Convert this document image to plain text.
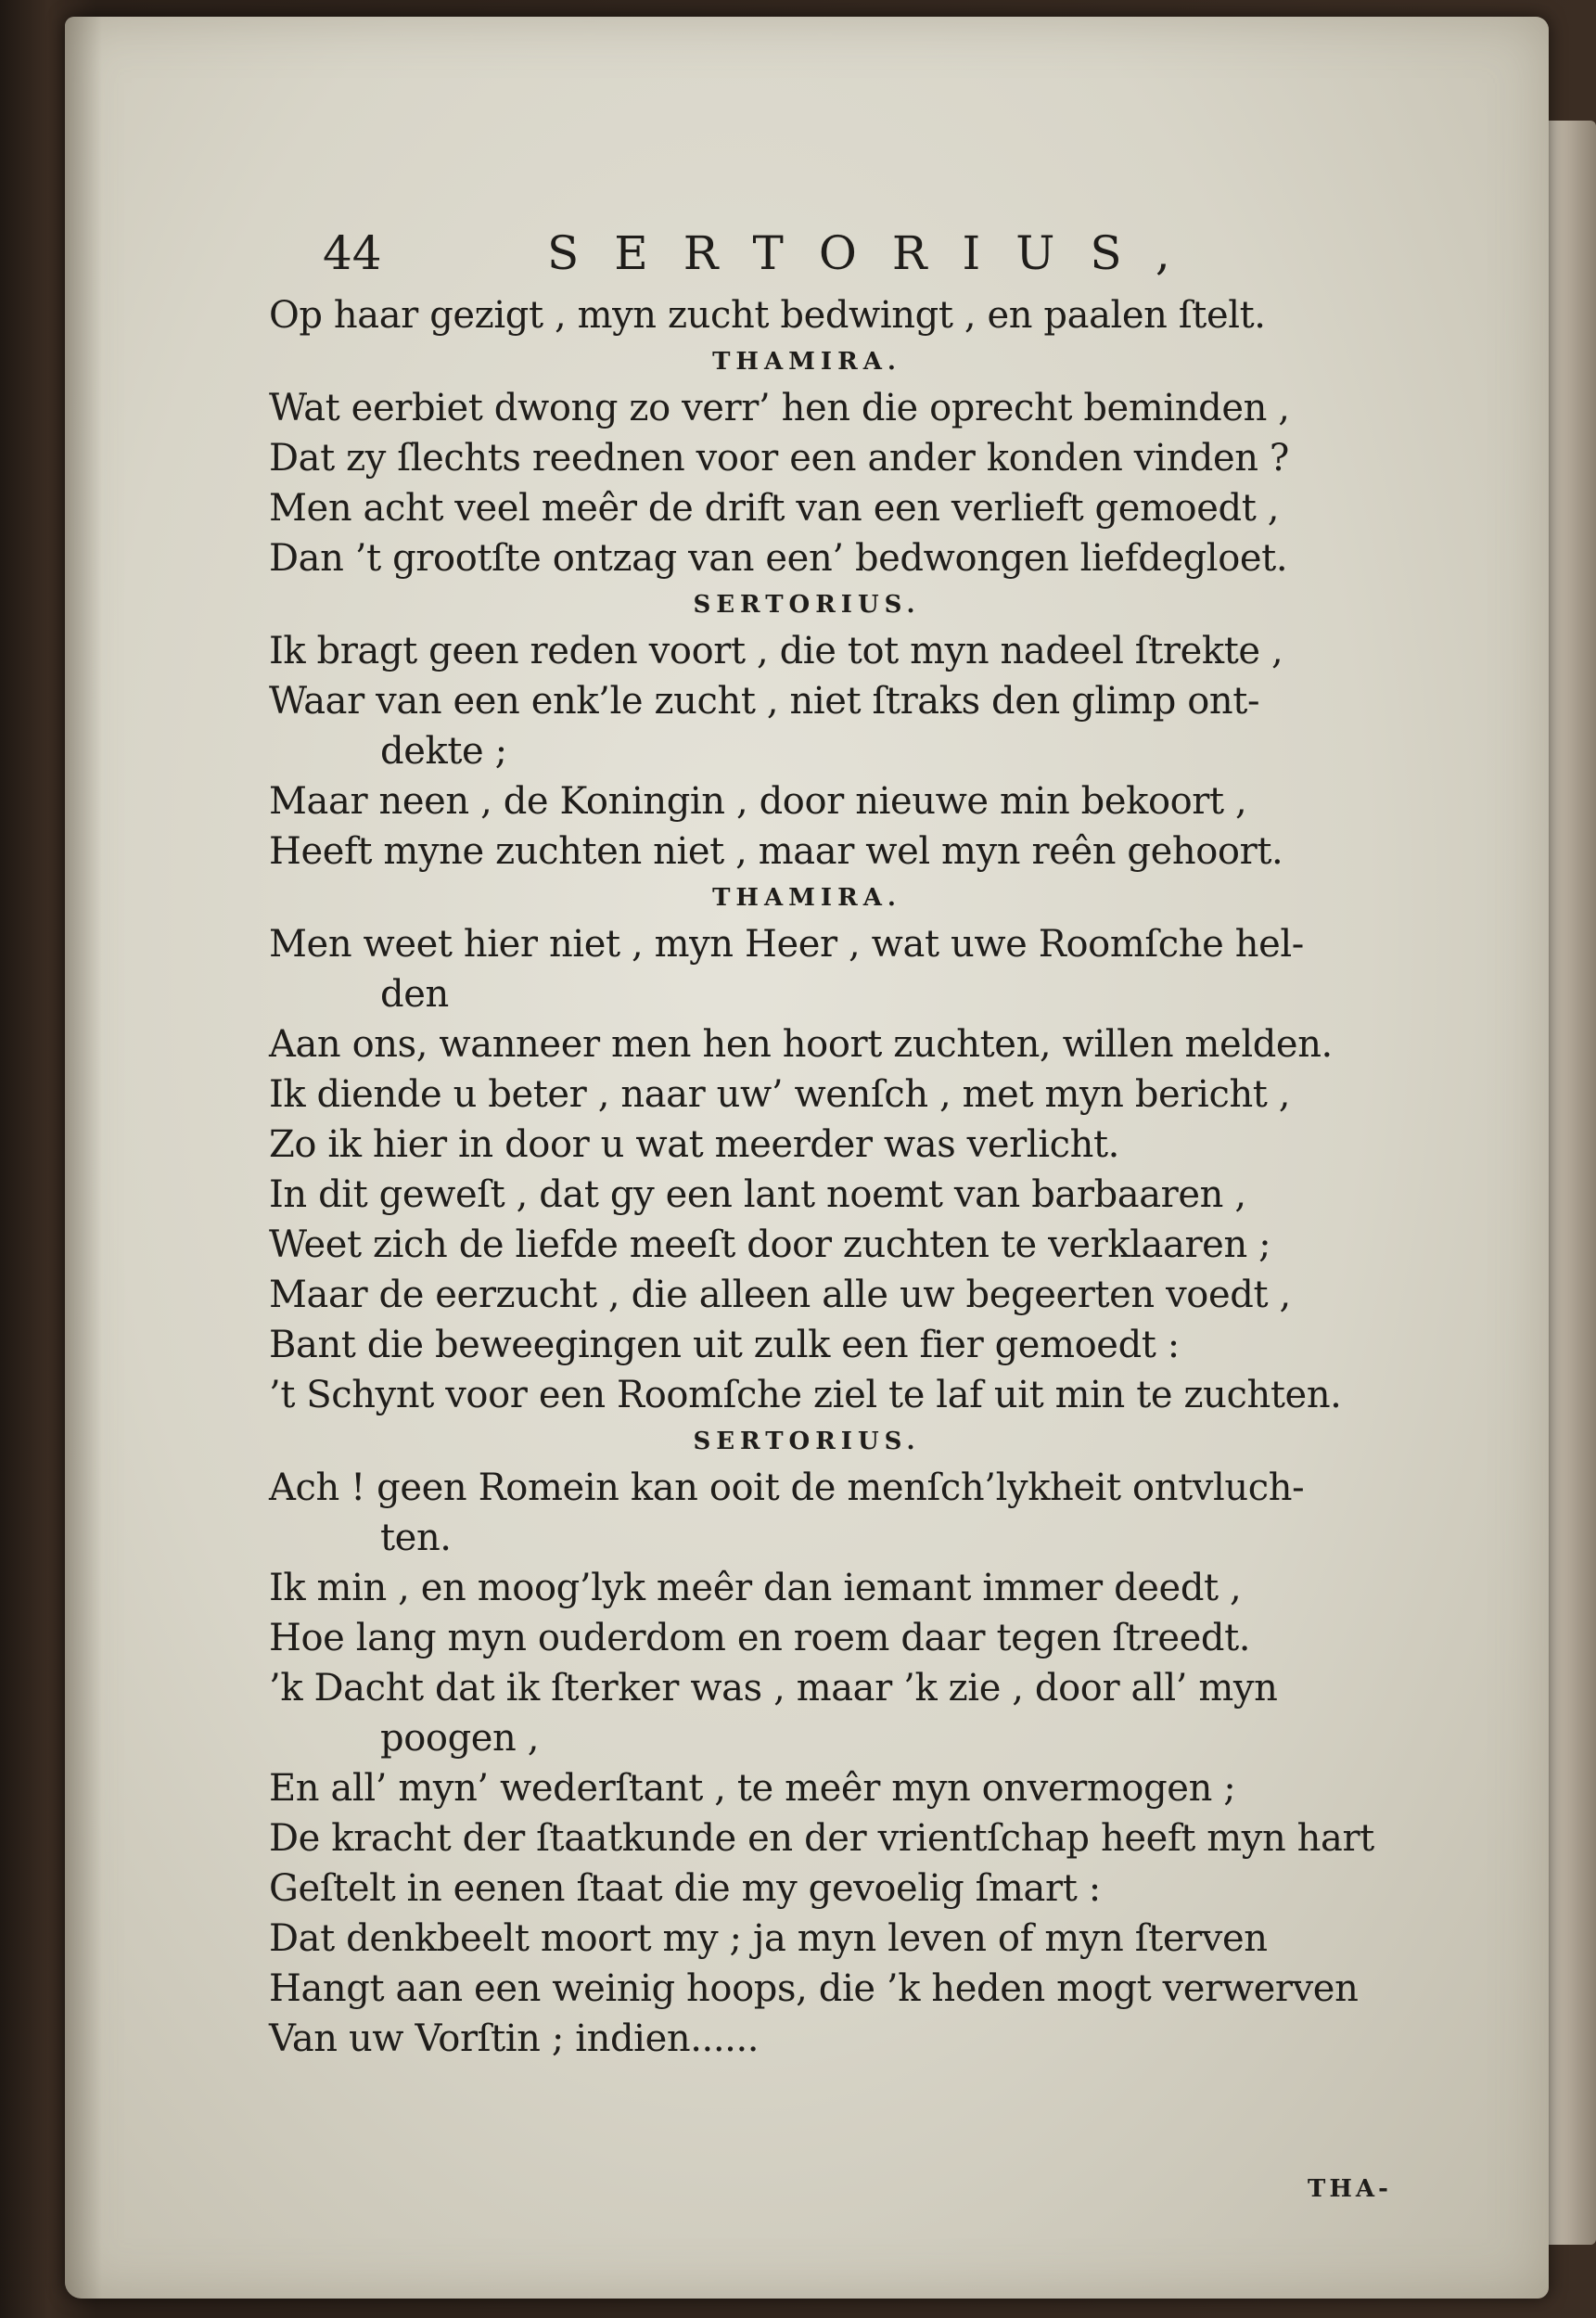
44	SERTORIUS,
Op haar gezigt , myn zucht bedwingt , en paalen ſtelt.
THAMIRA.
Wat eerbiet dwong zo verr’ hen die oprecht beminden ,
Dat zy ſlechts reednen voor een ander konden vinden ?
Men acht veel meêr de drift van een verlieft gemoedt ,
Dan ’t grootſte ontzag van een’ bedwongen liefdegloet.
SERTORIUS.
Ik bragt geen reden voort , die tot myn nadeel ſtrekte ,
Waar van een enk’le zucht , niet ſtraks den glimp ont-
dekte ;
Maar neen , de Koningin , door nieuwe min bekoort ,
Heeft myne zuchten niet , maar wel myn reên gehoort.
THAMIRA.
Men weet hier niet , myn Heer , wat uwe Roomſche hel-
den
Aan ons, wanneer men hen hoort zuchten, willen melden.
Ik diende u beter , naar uw’ wenſch , met myn bericht ,
Zo ik hier in door u wat meerder was verlicht.
In dit geweſt , dat gy een lant noemt van barbaaren ,
Weet zich de liefde meeſt door zuchten te verklaaren ;
Maar de eerzucht , die alleen alle uw begeerten voedt ,
Bant die beweegingen uit zulk een fier gemoedt :
’t Schynt voor een Roomſche ziel te laf uit min te zuchten.
SERTORIUS.
Ach ! geen Romein kan ooit de menſch’lykheit ontvluch-
ten.
Ik min , en moog’lyk meêr dan iemant immer deedt ,
Hoe lang myn ouderdom en roem daar tegen ſtreedt.
’k Dacht dat ik ſterker was , maar ’k zie , door all’ myn
poogen ,
En all’ myn’ wederſtant , te meêr myn onvermogen ;
De kracht der ſtaatkunde en der vrientſchap heeft myn hart
Geſtelt in eenen ſtaat die my gevoelig ſmart :
Dat denkbeelt moort my ; ja myn leven of myn ſterven
Hangt aan een weinig hoops, die ’k heden mogt verwerven
Van uw Vorſtin ; indien......
THA-
